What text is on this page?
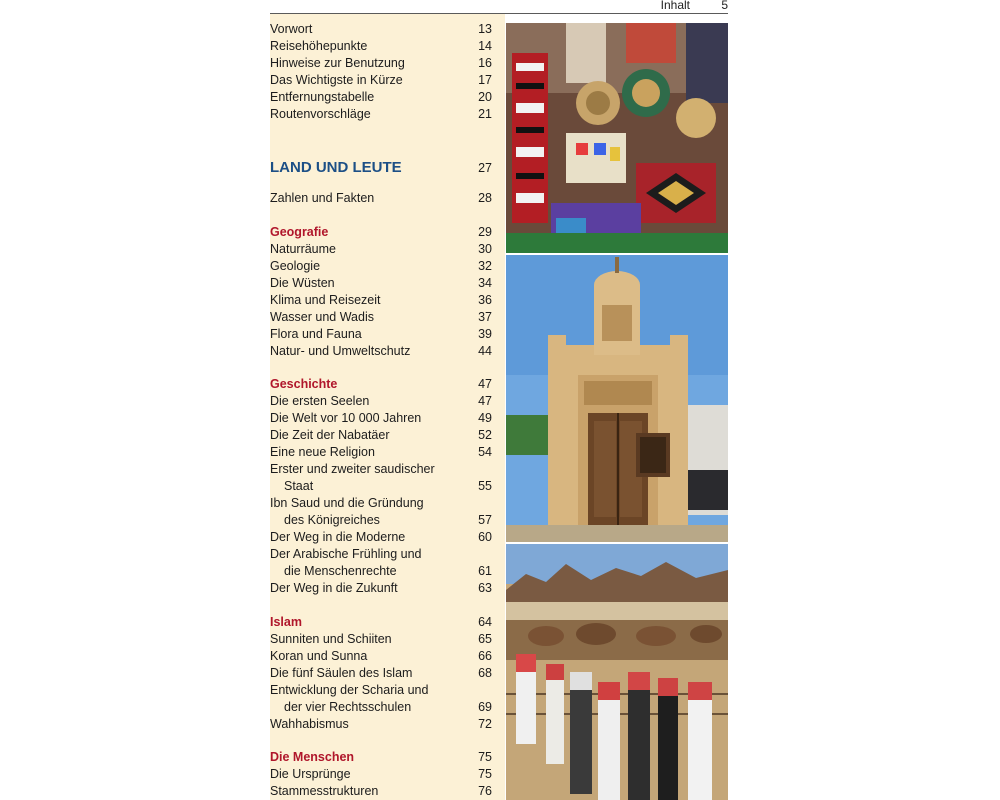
Inhalt	5
Vorwort	13
Reisehöhepunkte	14
Hinweise zur Benutzung	16
Das Wichtigste in Kürze	17
Entfernungstabelle	20
Routenvorschläge	21
LAND UND LEUTE	27
Zahlen und Fakten	28
Geografie	29
Naturräume	30
Geologie	32
Die Wüsten	34
Klima und Reisezeit	36
Wasser und Wadis	37
Flora und Fauna	39
Natur- und Umweltschutz	44
Geschichte	47
Die ersten Seelen	47
Die Welt vor 10 000 Jahren	49
Die Zeit der Nabatäer	52
Eine neue Religion	54
Erster und zweiter saudischer
Staat	55
Ibn Saud und die Gründung
des Königreiches	57
Der Weg in die Moderne	60
Der Arabische Frühling und
die Menschenrechte	61
Der Weg in die Zukunft	63
Islam	64
Sunniten und Schiiten	65
Koran und Sunna	66
Die fünf Säulen des Islam	68
Entwicklung der Scharia und
der vier Rechtsschulen	69
Wahhabismus	72
Die Menschen	75
Die Ursprünge	75
Stammesstrukturen	76
